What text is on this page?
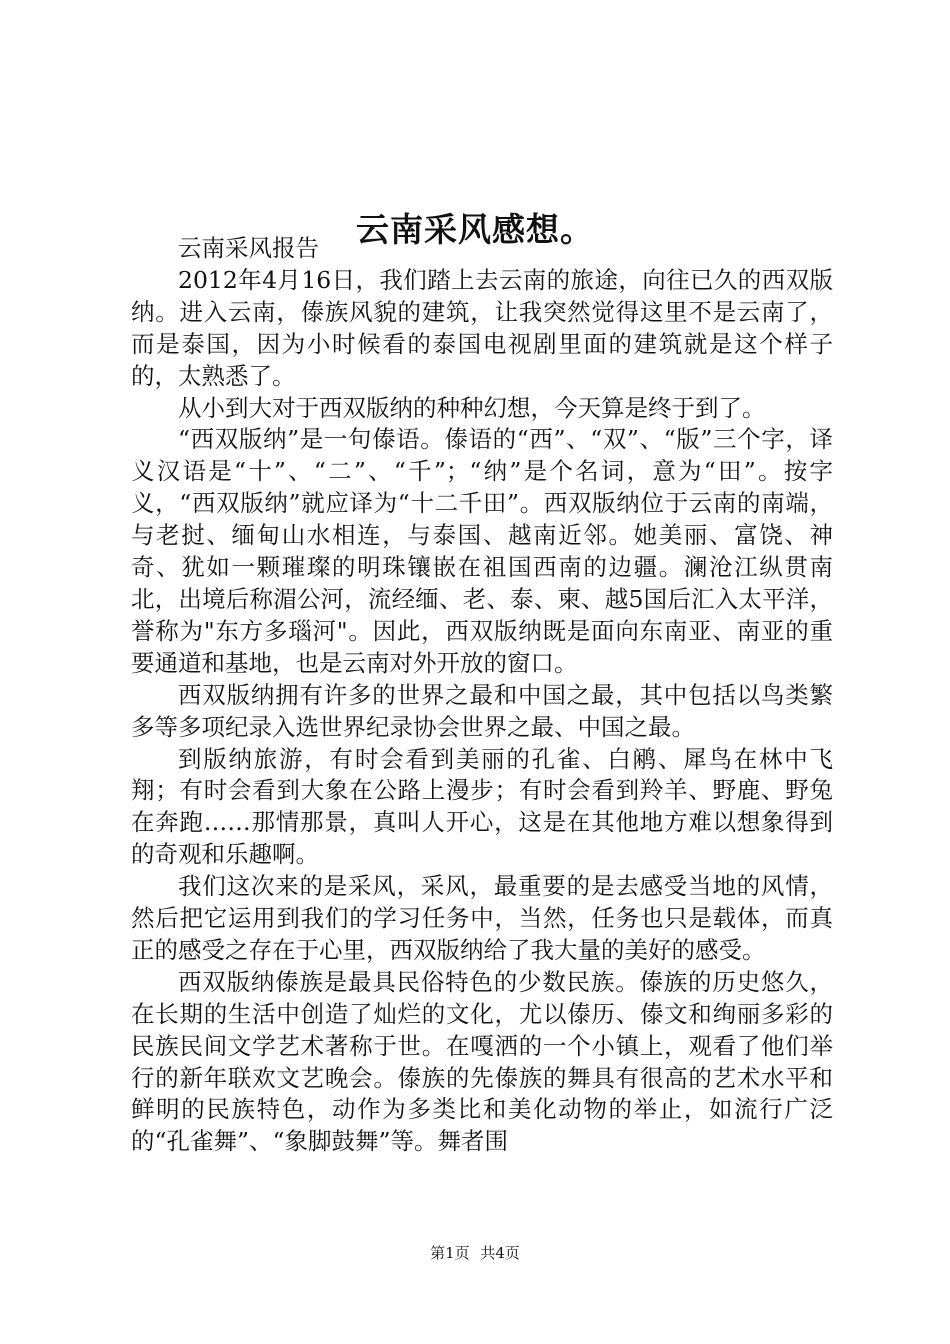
云南采风感想。

云南采风报告

2012年4月16日，我们踏上去云南的旅途，向往已久的西双版纳。进入云南，傣族风貌的建筑，让我突然觉得这里不是云南了，而是泰国，因为小时候看的泰国电视剧里面的建筑就是这个样子的，太熟悉了。

从小到大对于西双版纳的种种幻想，今天算是终于到了。

“西双版纳”是一句傣语。傣语的“西”、“双”、“版”三个字，译义汉语是“十”、“二”、“千”；“纳”是个名词，意为“田”。按字义，“西双版纳”就应译为“十二千田”。西双版纳位于云南的南端，与老挝、缅甸山水相连，与泰国、越南近邻。她美丽、富饶、神奇、犹如一颗璀璨的明珠镶嵌在祖国西南的边疆。澜沧江纵贯南北，出境后称湄公河，流经缅、老、泰、柬、越5国后汇入太平洋，誉称为"东方多瑙河"。因此，西双版纳既是面向东南亚、南亚的重要通道和基地，也是云南对外开放的窗口。

西双版纳拥有许多的世界之最和中国之最，其中包括以鸟类繁多等多项纪录入选世界纪录协会世界之最、中国之最。

到版纳旅游，有时会看到美丽的孔雀、白鹇、犀鸟在林中飞翔；有时会看到大象在公路上漫步；有时会看到羚羊、野鹿、野兔在奔跑……那情那景，真叫人开心，这是在其他地方难以想象得到的奇观和乐趣啊。

我们这次来的是采风，采风，最重要的是去感受当地的风情，然后把它运用到我们的学习任务中，当然，任务也只是载体，而真正的感受之存在于心里，西双版纳给了我大量的美好的感受。

西双版纳傣族是最具民俗特色的少数民族。傣族的历史悠久，在长期的生活中创造了灿烂的文化，尤以傣历、傣文和绚丽多彩的民族民间文学艺术著称于世。在嘎洒的一个小镇上，观看了他们举行的新年联欢文艺晚会。傣族的先傣族的舞具有很高的艺术水平和鲜明的民族特色，动作为多类比和美化动物的举止，如流行广泛的“孔雀舞”、“象脚鼓舞”等。舞者围

第1页 共4页
